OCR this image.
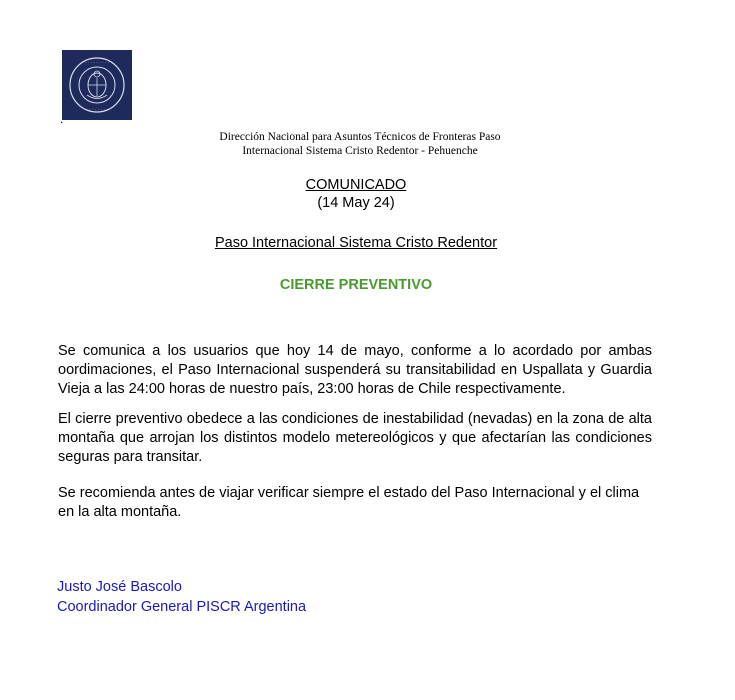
· · · · · · · · ·
· · · · · · · ·
.
Dirección Nacional para Asuntos Técnicos de Fronteras Paso
Internacional Sistema Cristo Redentor - Pehuenche
COMUNICADO
(14 May 24)
Paso Internacional Sistema Cristo Redentor
CIERRE PREVENTIVO
Se comunica a los usuarios que hoy 14 de mayo, conforme a lo acordado por ambas oordimaciones, el Paso Internacional suspenderá su transitabilidad en Uspallata y Guardia Vieja a las 24:00 horas de nuestro país, 23:00 horas de Chile respectivamente.
El cierre preventivo obedece a las condiciones de inestabilidad (nevadas) en la zona de alta montaña que arrojan los distintos modelo metereológicos y que afectarían las condiciones seguras para transitar.
Se recomienda antes de viajar verificar siempre el estado del Paso Internacional y el clima en la alta montaña.
Justo José Bascolo
Coordinador General PISCR Argentina
